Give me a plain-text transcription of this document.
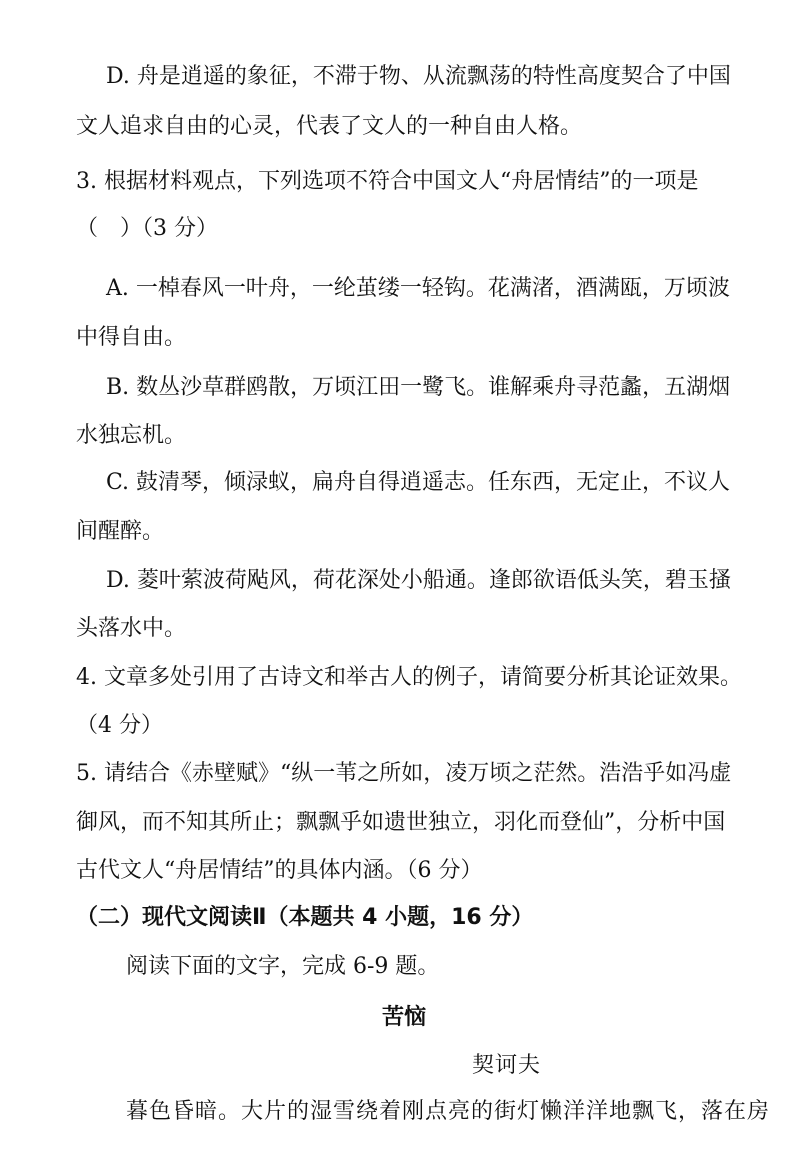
D. 舟是逍遥的象征，不滞于物、从流飘荡的特性高度契合了中国
文人追求自由的心灵，代表了文人的一种自由人格。
3. 根据材料观点，下列选项不符合中国文人“舟居情结”的一项是
（　）（3 分）
A. 一棹春风一叶舟，一纶茧缕一轻钩。花满渚，酒满瓯，万顷波
中得自由。
B. 数丛沙草群鸥散，万顷江田一鹭飞。谁解乘舟寻范蠡，五湖烟
水独忘机。
C. 鼓清琴，倾渌蚁，扁舟自得逍遥志。任东西，无定止，不议人
间醒醉。
D. 菱叶萦波荷飐风，荷花深处小船通。逢郎欲语低头笑，碧玉搔
头落水中。
4. 文章多处引用了古诗文和举古人的例子，请简要分析其论证效果。
（4 分）
5. 请结合《赤壁赋》“纵一苇之所如，凌万顷之茫然。浩浩乎如冯虚
御风，而不知其所止；飘飘乎如遗世独立，羽化而登仙”，分析中国
古代文人“舟居情结”的具体内涵。（6 分）
（二）现代文阅读Ⅱ（本题共 4 小题，16 分）
阅读下面的文字，完成 6-9 题。
苦恼
契诃夫
暮色昏暗。大片的湿雪绕着刚点亮的街灯懒洋洋地飘飞，落在房
